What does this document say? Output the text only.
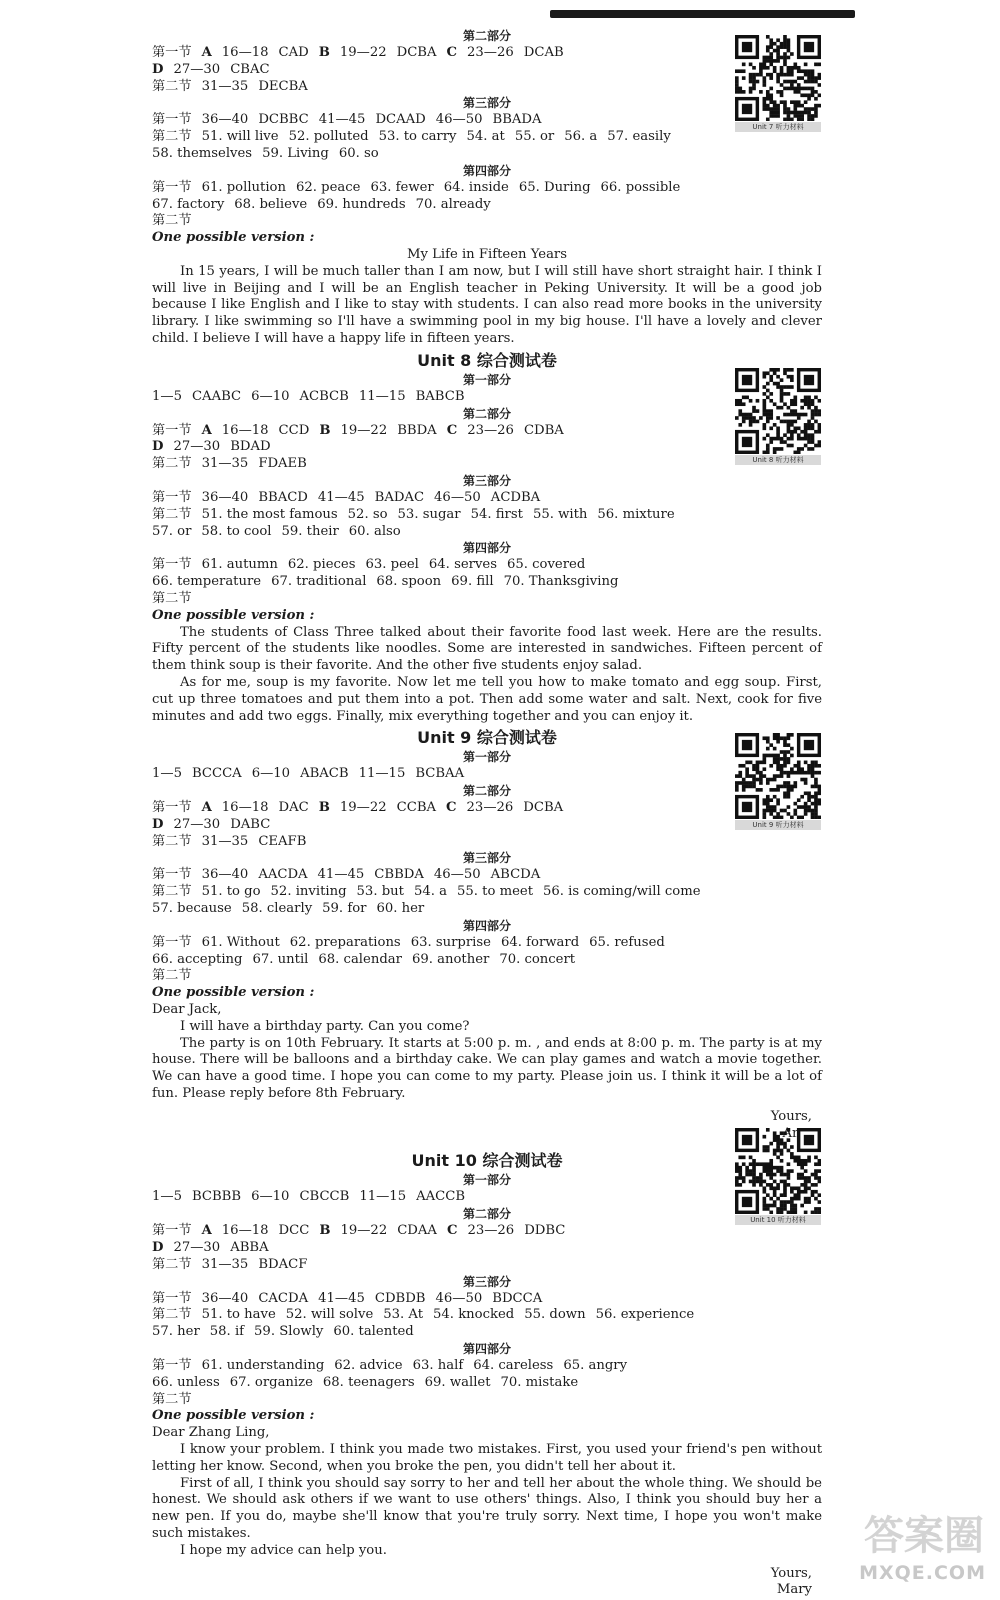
第二部分
第一节 A 16—18 CAD B 19—22 DCBA C 23—26 DCAB
D 27—30 CBAC
第二节 31—35 DECBA
第三部分
第一节 36—40 DCBBC 41—45 DCAAD 46—50 BBADA
第二节 51. will live 52. polluted 53. to carry 54. at 55. or 56. a 57. easily
58. themselves 59. Living 60. so
第四部分
第一节 61. pollution 62. peace 63. fewer 64. inside 65. During 66. possible
67. factory 68. believe 69. hundreds 70. already
第二节
One possible version :
My Life in Fifteen Years
In 15 years, I will be much taller than I am now, but I will still have short straight hair. I think I will live in Beijing and I will be an English teacher in Peking University. It will be a good job because I like English and I like to stay with students. I can also read more books in the university library. I like swimming so I'll have a swimming pool in my big house. I'll have a lovely and clever child. I believe I will have a happy life in fifteen years.
Unit 8 综合测试卷
第一部分
1—5 CAABC 6—10 ACBCB 11—15 BABCB
第二部分
第一节 A 16—18 CCD B 19—22 BBDA C 23—26 CDBA
D 27—30 BDAD
第二节 31—35 FDAEB
第三部分
第一节 36—40 BBACD 41—45 BADAC 46—50 ACDBA
第二节 51. the most famous 52. so 53. sugar 54. first 55. with 56. mixture
57. or 58. to cool 59. their 60. also
第四部分
第一节 61. autumn 62. pieces 63. peel 64. serves 65. covered
66. temperature 67. traditional 68. spoon 69. fill 70. Thanksgiving
第二节
One possible version :
The students of Class Three talked about their favorite food last week. Here are the results. Fifty percent of the students like noodles. Some are interested in sandwiches. Fifteen percent of them think soup is their favorite. And the other five students enjoy salad.
As for me, soup is my favorite. Now let me tell you how to make tomato and egg soup. First, cut up three tomatoes and put them into a pot. Then add some water and salt. Next, cook for five minutes and add two eggs. Finally, mix everything together and you can enjoy it.
Unit 9 综合测试卷
第一部分
1—5 BCCCA 6—10 ABACB 11—15 BCBAA
第二部分
第一节 A 16—18 DAC B 19—22 CCBA C 23—26 DCBA
D 27—30 DABC
第二节 31—35 CEAFB
第三部分
第一节 36—40 AACDA 41—45 CBBDA 46—50 ABCDA
第二节 51. to go 52. inviting 53. but 54. a 55. to meet 56. is coming/will come
57. because 58. clearly 59. for 60. her
第四部分
第一节 61. Without 62. preparations 63. surprise 64. forward 65. refused
66. accepting 67. until 68. calendar 69. another 70. concert
第二节
One possible version :
Dear Jack,
I will have a birthday party. Can you come?
The party is on 10th February. It starts at 5:00 p. m. , and ends at 8:00 p. m. The party is at my house. There will be balloons and a birthday cake. We can play games and watch a movie together. We can have a good time. I hope you can come to my party. Please join us. I think it will be a lot of fun. Please reply before 8th February.
Yours,
Unit 10 综合测试卷
第一部分
1—5 BCBBB 6—10 CBCCB 11—15 AACCB
第二部分
第一节 A 16—18 DCC B 19—22 CDAA C 23—26 DDBC
D 27—30 ABBA
第二节 31—35 BDACF
第三部分
第一节 36—40 CACDA 41—45 CDBDB 46—50 BDCCA
第二节 51. to have 52. will solve 53. At 54. knocked 55. down 56. experience
57. her 58. if 59. Slowly 60. talented
第四部分
第一节 61. understanding 62. advice 63. half 64. careless 65. angry
66. unless 67. organize 68. teenagers 69. wallet 70. mistake
第二节
One possible version :
Dear Zhang Ling,
I know your problem. I think you made two mistakes. First, you used your friend's pen without letting her know. Second, when you broke the pen, you didn't tell her about it.
First of all, I think you should say sorry to her and tell her about the whole thing. We should be honest. We should ask others if we want to use others' things. Also, I think you should buy her a new pen. If you do, maybe she'll know that you're truly sorry. Next time, I hope you won't make such mistakes.
I hope my advice can help you.
Yours,
Mary
Unit 7 听力材料
Unit 8 听力材料
Unit 9 听力材料
Unit 10 听力材料
答案圈
MXQE.COM
